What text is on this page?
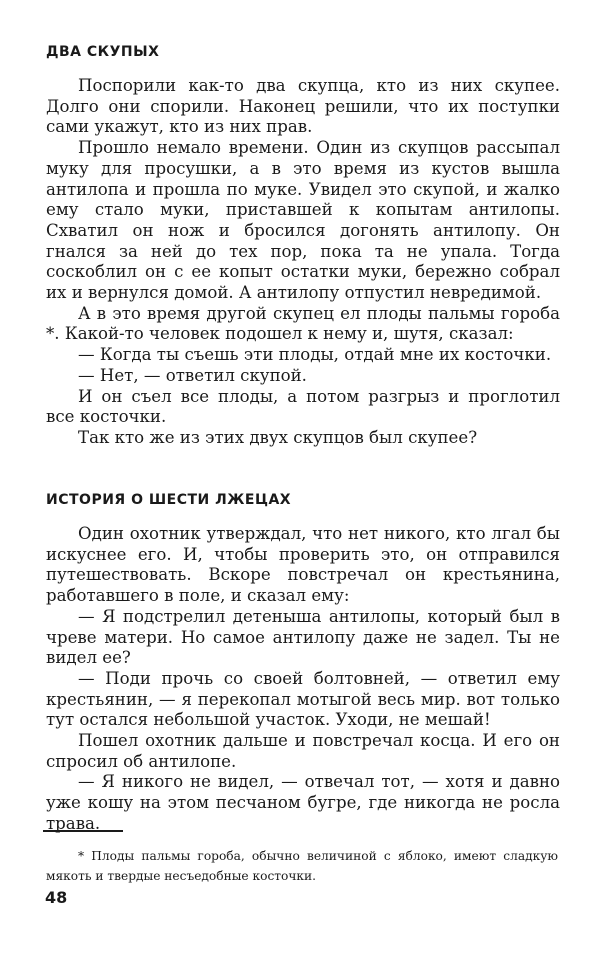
ДВА СКУПЫХ

Поспорили как-то два скупца, кто из них скупее. Долго они спорили. Наконец решили, что их поступки сами укажут, кто из них прав.

Прошло немало времени. Один из скупцов рассыпал муку для просушки, а в это время из кустов вышла антилопа и прошла по муке. Увидел это скупой, и жалко ему стало муки, приставшей к копытам антилопы. Схватил он нож и бросился догонять антилопу. Он гнался за ней до тех пор, пока та не упала. Тогда соскоблил он с ее копыт остатки муки, бережно собрал их и вернулся домой. А антилопу отпустил невредимой.

А в это время другой скупец ел плоды пальмы гороба *. Какой-то человек подошел к нему и, шутя, сказал:

— Когда ты съешь эти плоды, отдай мне их косточки.

— Нет, — ответил скупой.

И он съел все плоды, а потом разгрыз и проглотил все косточки.

Так кто же из этих двух скупцов был скупее?

ИСТОРИЯ О ШЕСТИ ЛЖЕЦАХ

Один охотник утверждал, что нет никого, кто лгал бы искуснее его. И, чтобы проверить это, он отправился путешествовать. Вскоре повстречал он крестьянина, работавшего в поле, и сказал ему:

— Я подстрелил детеныша антилопы, который был в чреве матери. Но самое антилопу даже не задел. Ты не видел ее?

— Поди прочь со своей болтовней, — ответил ему крестьянин, — я перекопал мотыгой весь мир. вот только тут остался небольшой участок. Уходи, не мешай!

Пошел охотник дальше и повстречал косца. И его он спросил об антилопе.

— Я никого не видел, — отвечал тот, — хотя и давно уже кошу на этом песчаном бугре, где никогда не росла трава.

* Плоды пальмы гороба, обычно величиной с яблоко, имеют сладкую мякоть и твердые несъедобные косточки.

48
